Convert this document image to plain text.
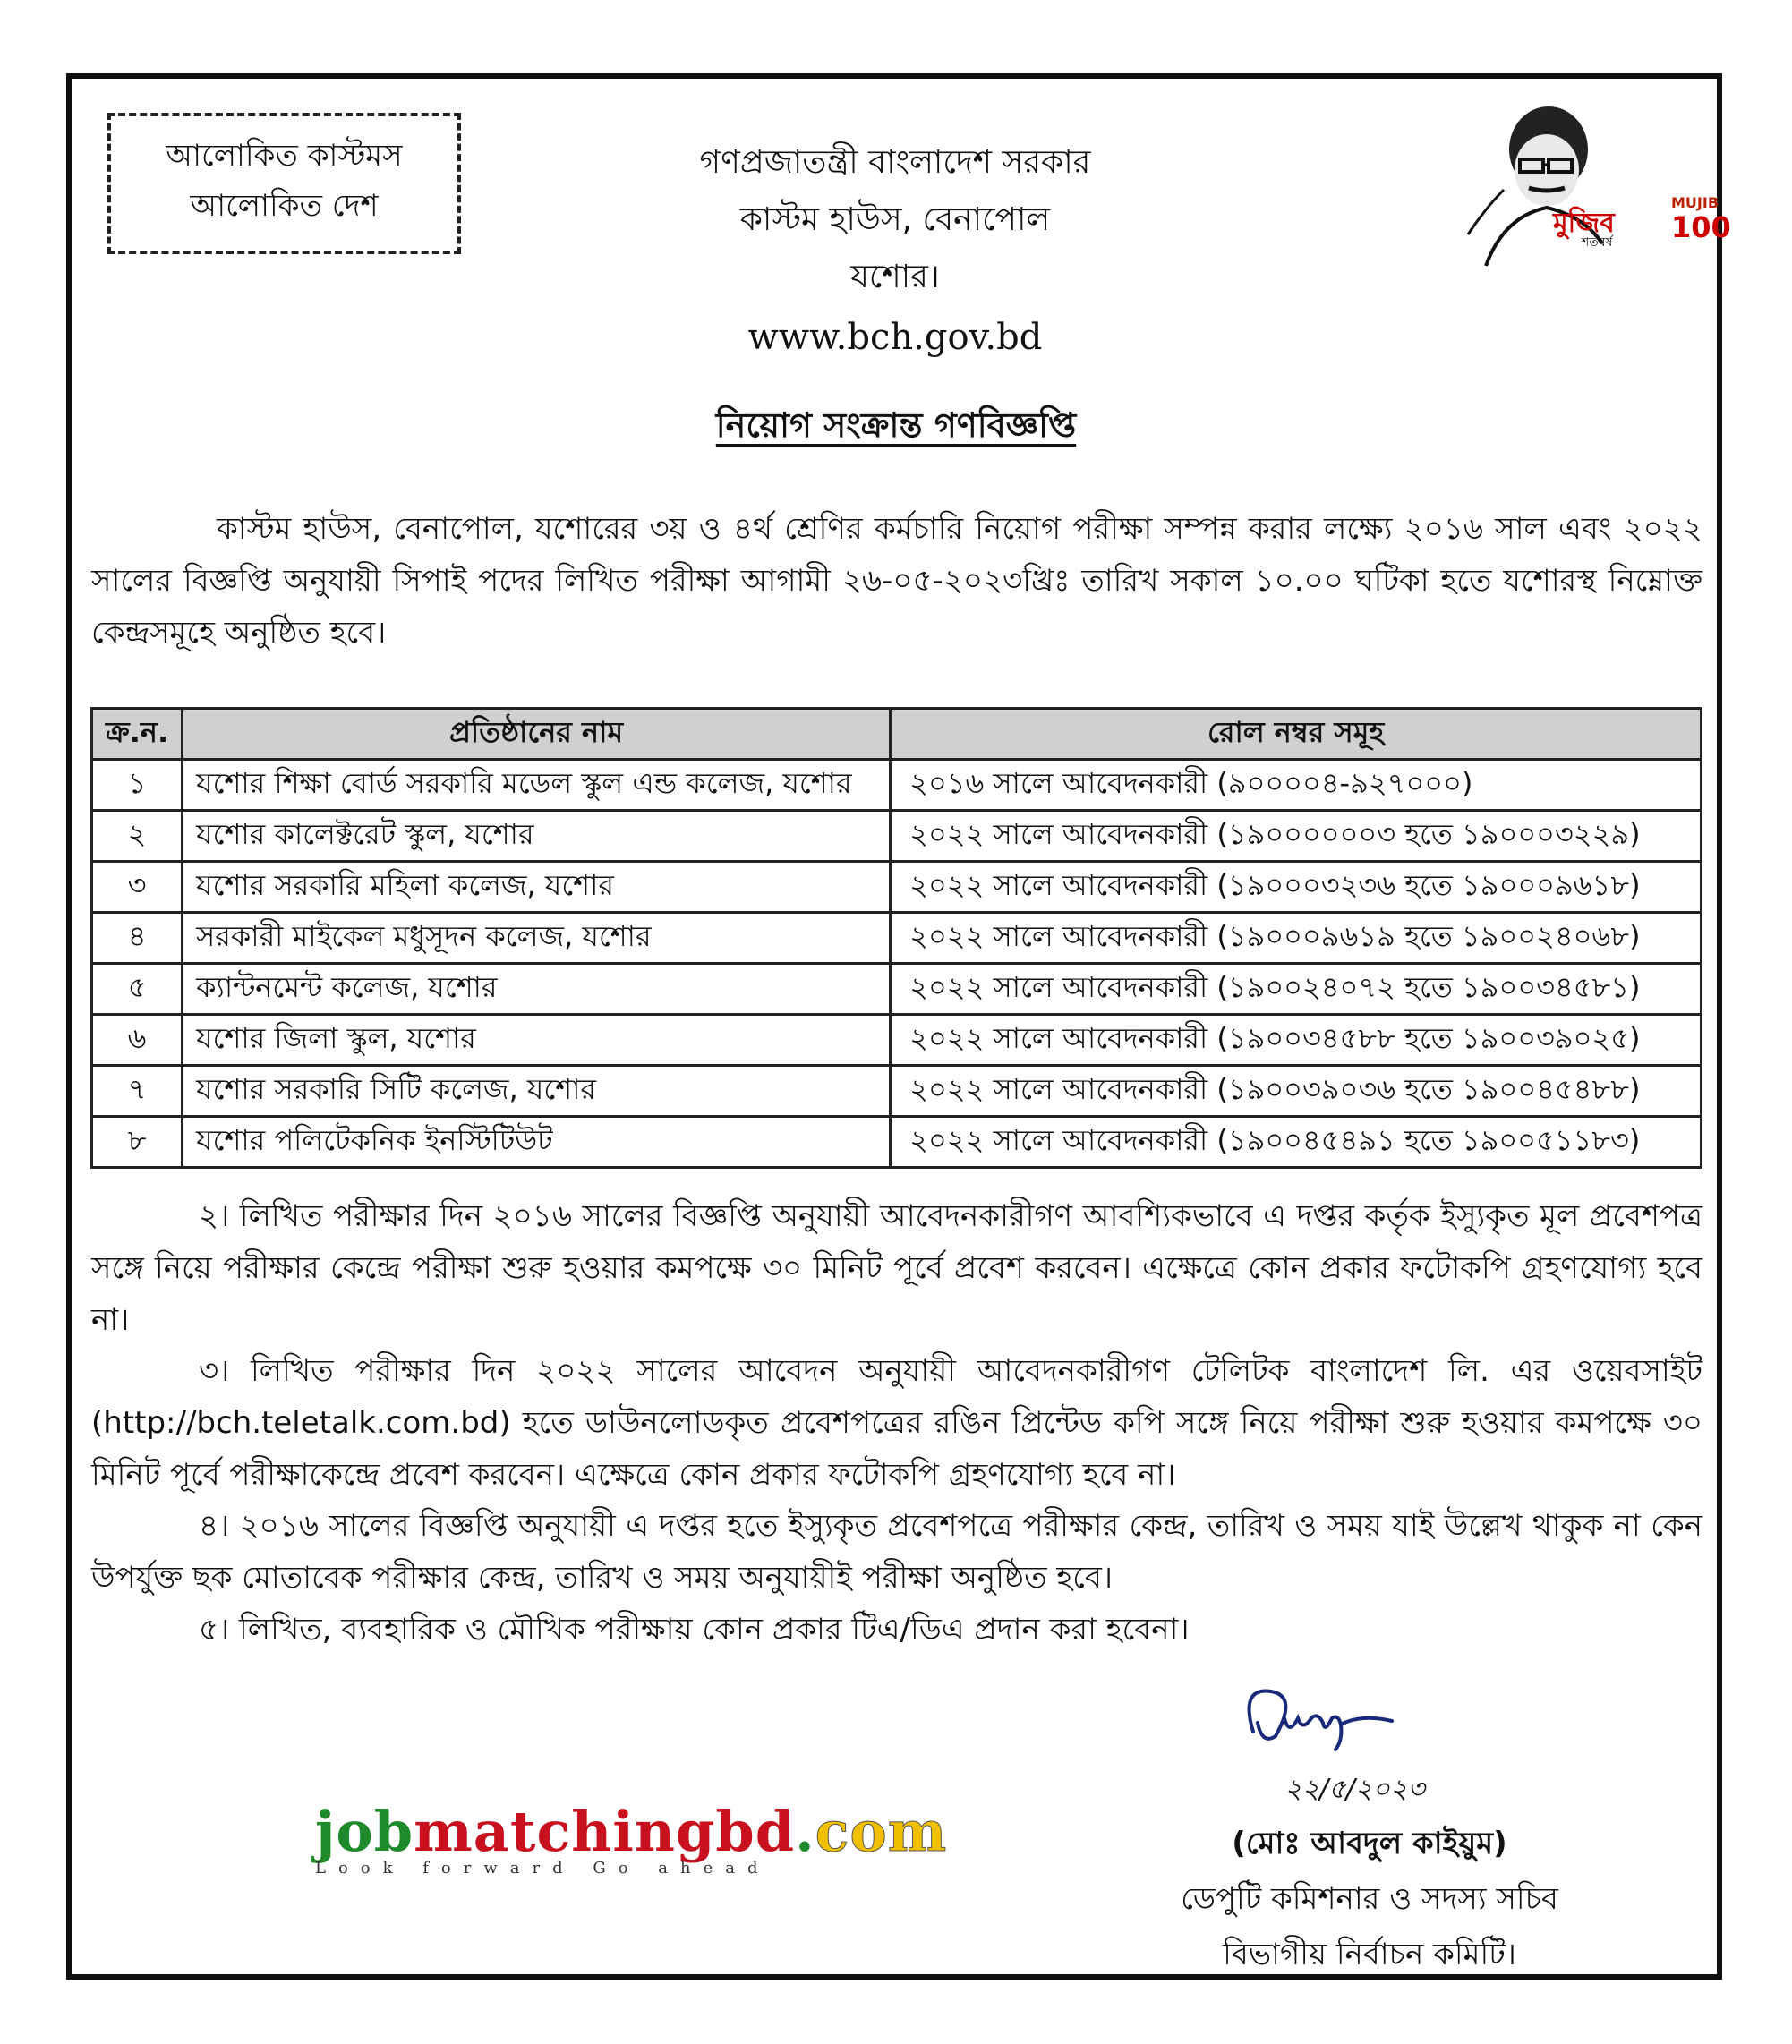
আলোকিত কাস্টমস
আলোকিত দেশ
গণপ্রজাতন্ত্রী বাংলাদেশ সরকার
কাস্টম হাউস, বেনাপোল
যশোর।
www.bch.gov.bd
মুজিব
শতবর্ষ
MUJIB
100
নিয়োগ সংক্রান্ত গণবিজ্ঞপ্তি
কাস্টম হাউস, বেনাপোল, যশোরের ৩য় ও ৪র্থ শ্রেণির কর্মচারি নিয়োগ পরীক্ষা সম্পন্ন করার লক্ষ্যে ২০১৬ সাল এবং ২০২২ সালের বিজ্ঞপ্তি অনুযায়ী সিপাই পদের লিখিত পরীক্ষা আগামী ২৬-০৫-২০২৩খ্রিঃ তারিখ সকাল ১০.০০ ঘটিকা হতে যশোরস্থ নিম্নোক্ত কেন্দ্রসমূহে অনুষ্ঠিত হবে।
ক্র.ন.	প্রতিষ্ঠানের নাম	রোল নম্বর সমূহ
১	যশোর শিক্ষা বোর্ড সরকারি মডেল স্কুল এন্ড কলেজ, যশোর	২০১৬ সালে আবেদনকারী (৯০০০০৪-৯২৭০০০)
২	যশোর কালেক্টরেট স্কুল, যশোর	২০২২ সালে আবেদনকারী (১৯০০০০০০৩ হতে ১৯০০০৩২২৯)
৩	যশোর সরকারি মহিলা কলেজ, যশোর	২০২২ সালে আবেদনকারী (১৯০০০৩২৩৬ হতে ১৯০০০৯৬১৮)
৪	সরকারী মাইকেল মধুসূদন কলেজ, যশোর	২০২২ সালে আবেদনকারী (১৯০০০৯৬১৯ হতে ১৯০০২৪০৬৮)
৫	ক্যান্টনমেন্ট কলেজ, যশোর	২০২২ সালে আবেদনকারী (১৯০০২৪০৭২ হতে ১৯০০৩৪৫৮১)
৬	যশোর জিলা স্কুল, যশোর	২০২২ সালে আবেদনকারী (১৯০০৩৪৫৮৮ হতে ১৯০০৩৯০২৫)
৭	যশোর সরকারি সিটি কলেজ, যশোর	২০২২ সালে আবেদনকারী (১৯০০৩৯০৩৬ হতে ১৯০০৪৫৪৮৮)
৮	যশোর পলিটেকনিক ইনস্টিটিউট	২০২২ সালে আবেদনকারী (১৯০০৪৫৪৯১ হতে ১৯০০৫১১৮৩)
২। লিখিত পরীক্ষার দিন ২০১৬ সালের বিজ্ঞপ্তি অনুযায়ী আবেদনকারীগণ আবশ্যিকভাবে এ দপ্তর কর্তৃক ইস্যুকৃত মূল প্রবেশপত্র সঙ্গে নিয়ে পরীক্ষার কেন্দ্রে পরীক্ষা শুরু হওয়ার কমপক্ষে ৩০ মিনিট পূর্বে প্রবেশ করবেন। এক্ষেত্রে কোন প্রকার ফটোকপি গ্রহণযোগ্য হবে না।
৩। লিখিত পরীক্ষার দিন ২০২২ সালের আবেদন অনুযায়ী আবেদনকারীগণ টেলিটক বাংলাদেশ লি. এর ওয়েবসাইট (http://bch.teletalk.com.bd) হতে ডাউনলোডকৃত প্রবেশপত্রের রঙিন প্রিন্টেড কপি সঙ্গে নিয়ে পরীক্ষা শুরু হওয়ার কমপক্ষে ৩০ মিনিট পূর্বে পরীক্ষাকেন্দ্রে প্রবেশ করবেন। এক্ষেত্রে কোন প্রকার ফটোকপি গ্রহণযোগ্য হবে না।
৪। ২০১৬ সালের বিজ্ঞপ্তি অনুযায়ী এ দপ্তর হতে ইস্যুকৃত প্রবেশপত্রে পরীক্ষার কেন্দ্র, তারিখ ও সময় যাই উল্লেখ থাকুক না কেন উপর্যুক্ত ছক মোতাবেক পরীক্ষার কেন্দ্র, তারিখ ও সময় অনুযায়ীই পরীক্ষা অনুষ্ঠিত হবে।
৫। লিখিত, ব্যবহারিক ও মৌখিক পরীক্ষায় কোন প্রকার টিএ/ডিএ প্রদান করা হবেনা।
২২/৫/২০২৩
(মোঃ আবদুল কাইয়ুম)
ডেপুটি কমিশনার ও সদস্য সচিব
বিভাগীয় নির্বাচন কমিটি।
jobmatchingbd.com
Look forward Go ahead
